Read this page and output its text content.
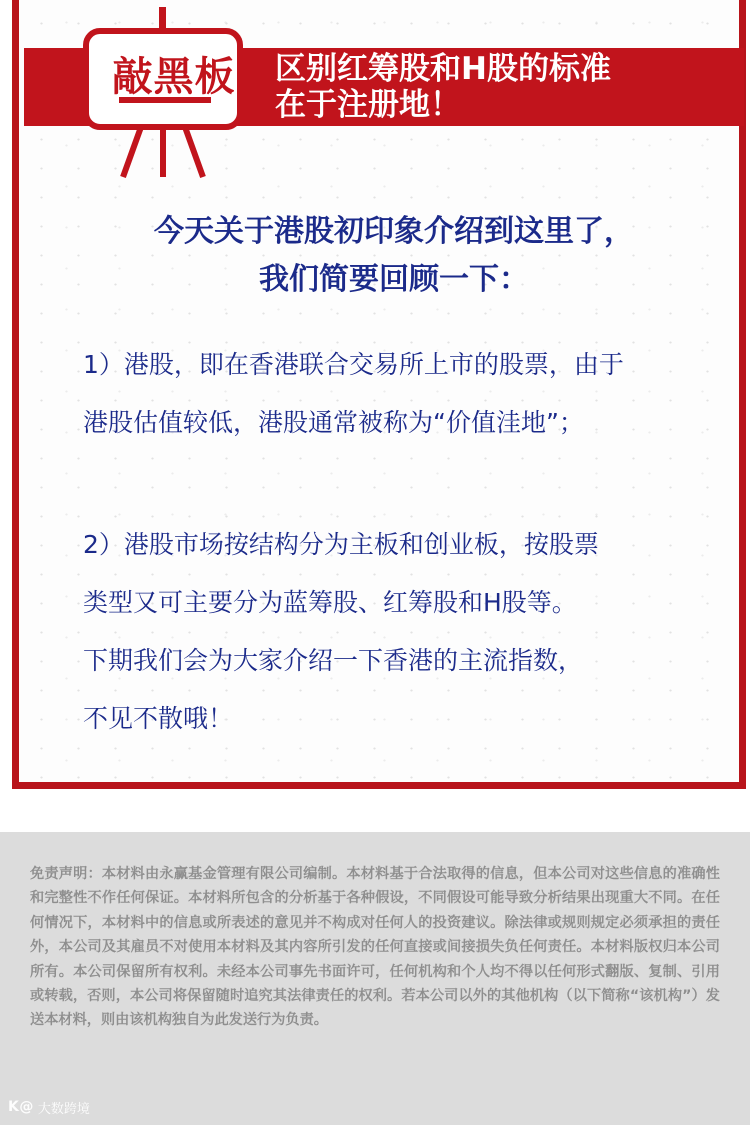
敲黑板	区别红筹股和H股的标准
在于注册地！
今天关于港股初印象介绍到这里了，
我们简要回顾一下：
1）港股，即在香港联合交易所上市的股票，由于
港股估值较低，港股通常被称为“价值洼地”；
2）港股市场按结构分为主板和创业板，按股票
类型又可主要分为蓝筹股、红筹股和H股等。
下期我们会为大家介绍一下香港的主流指数，
不见不散哦！
免责声明：本材料由永赢基金管理有限公司编制。本材料基于合法取得的信息，但本公司对这些信息的准确性和完整性不作任何保证。本材料所包含的分析基于各种假设，不同假设可能导致分析结果出现重大不同。在任何情况下，本材料中的信息或所表述的意见并不构成对任何人的投资建议。除法律或规则规定必须承担的责任外，本公司及其雇员不对使用本材料及其内容所引发的任何直接或间接损失负任何责任。本材料版权归本公司所有。本公司保留所有权利。未经本公司事先书面许可，任何机构和个人均不得以任何形式翻版、复制、引用或转载，否则，本公司将保留随时追究其法律责任的权利。若本公司以外的其他机构（以下简称“该机构”）发送本材料，则由该机构独自为此发送行为负责。
K@ 大数跨境
